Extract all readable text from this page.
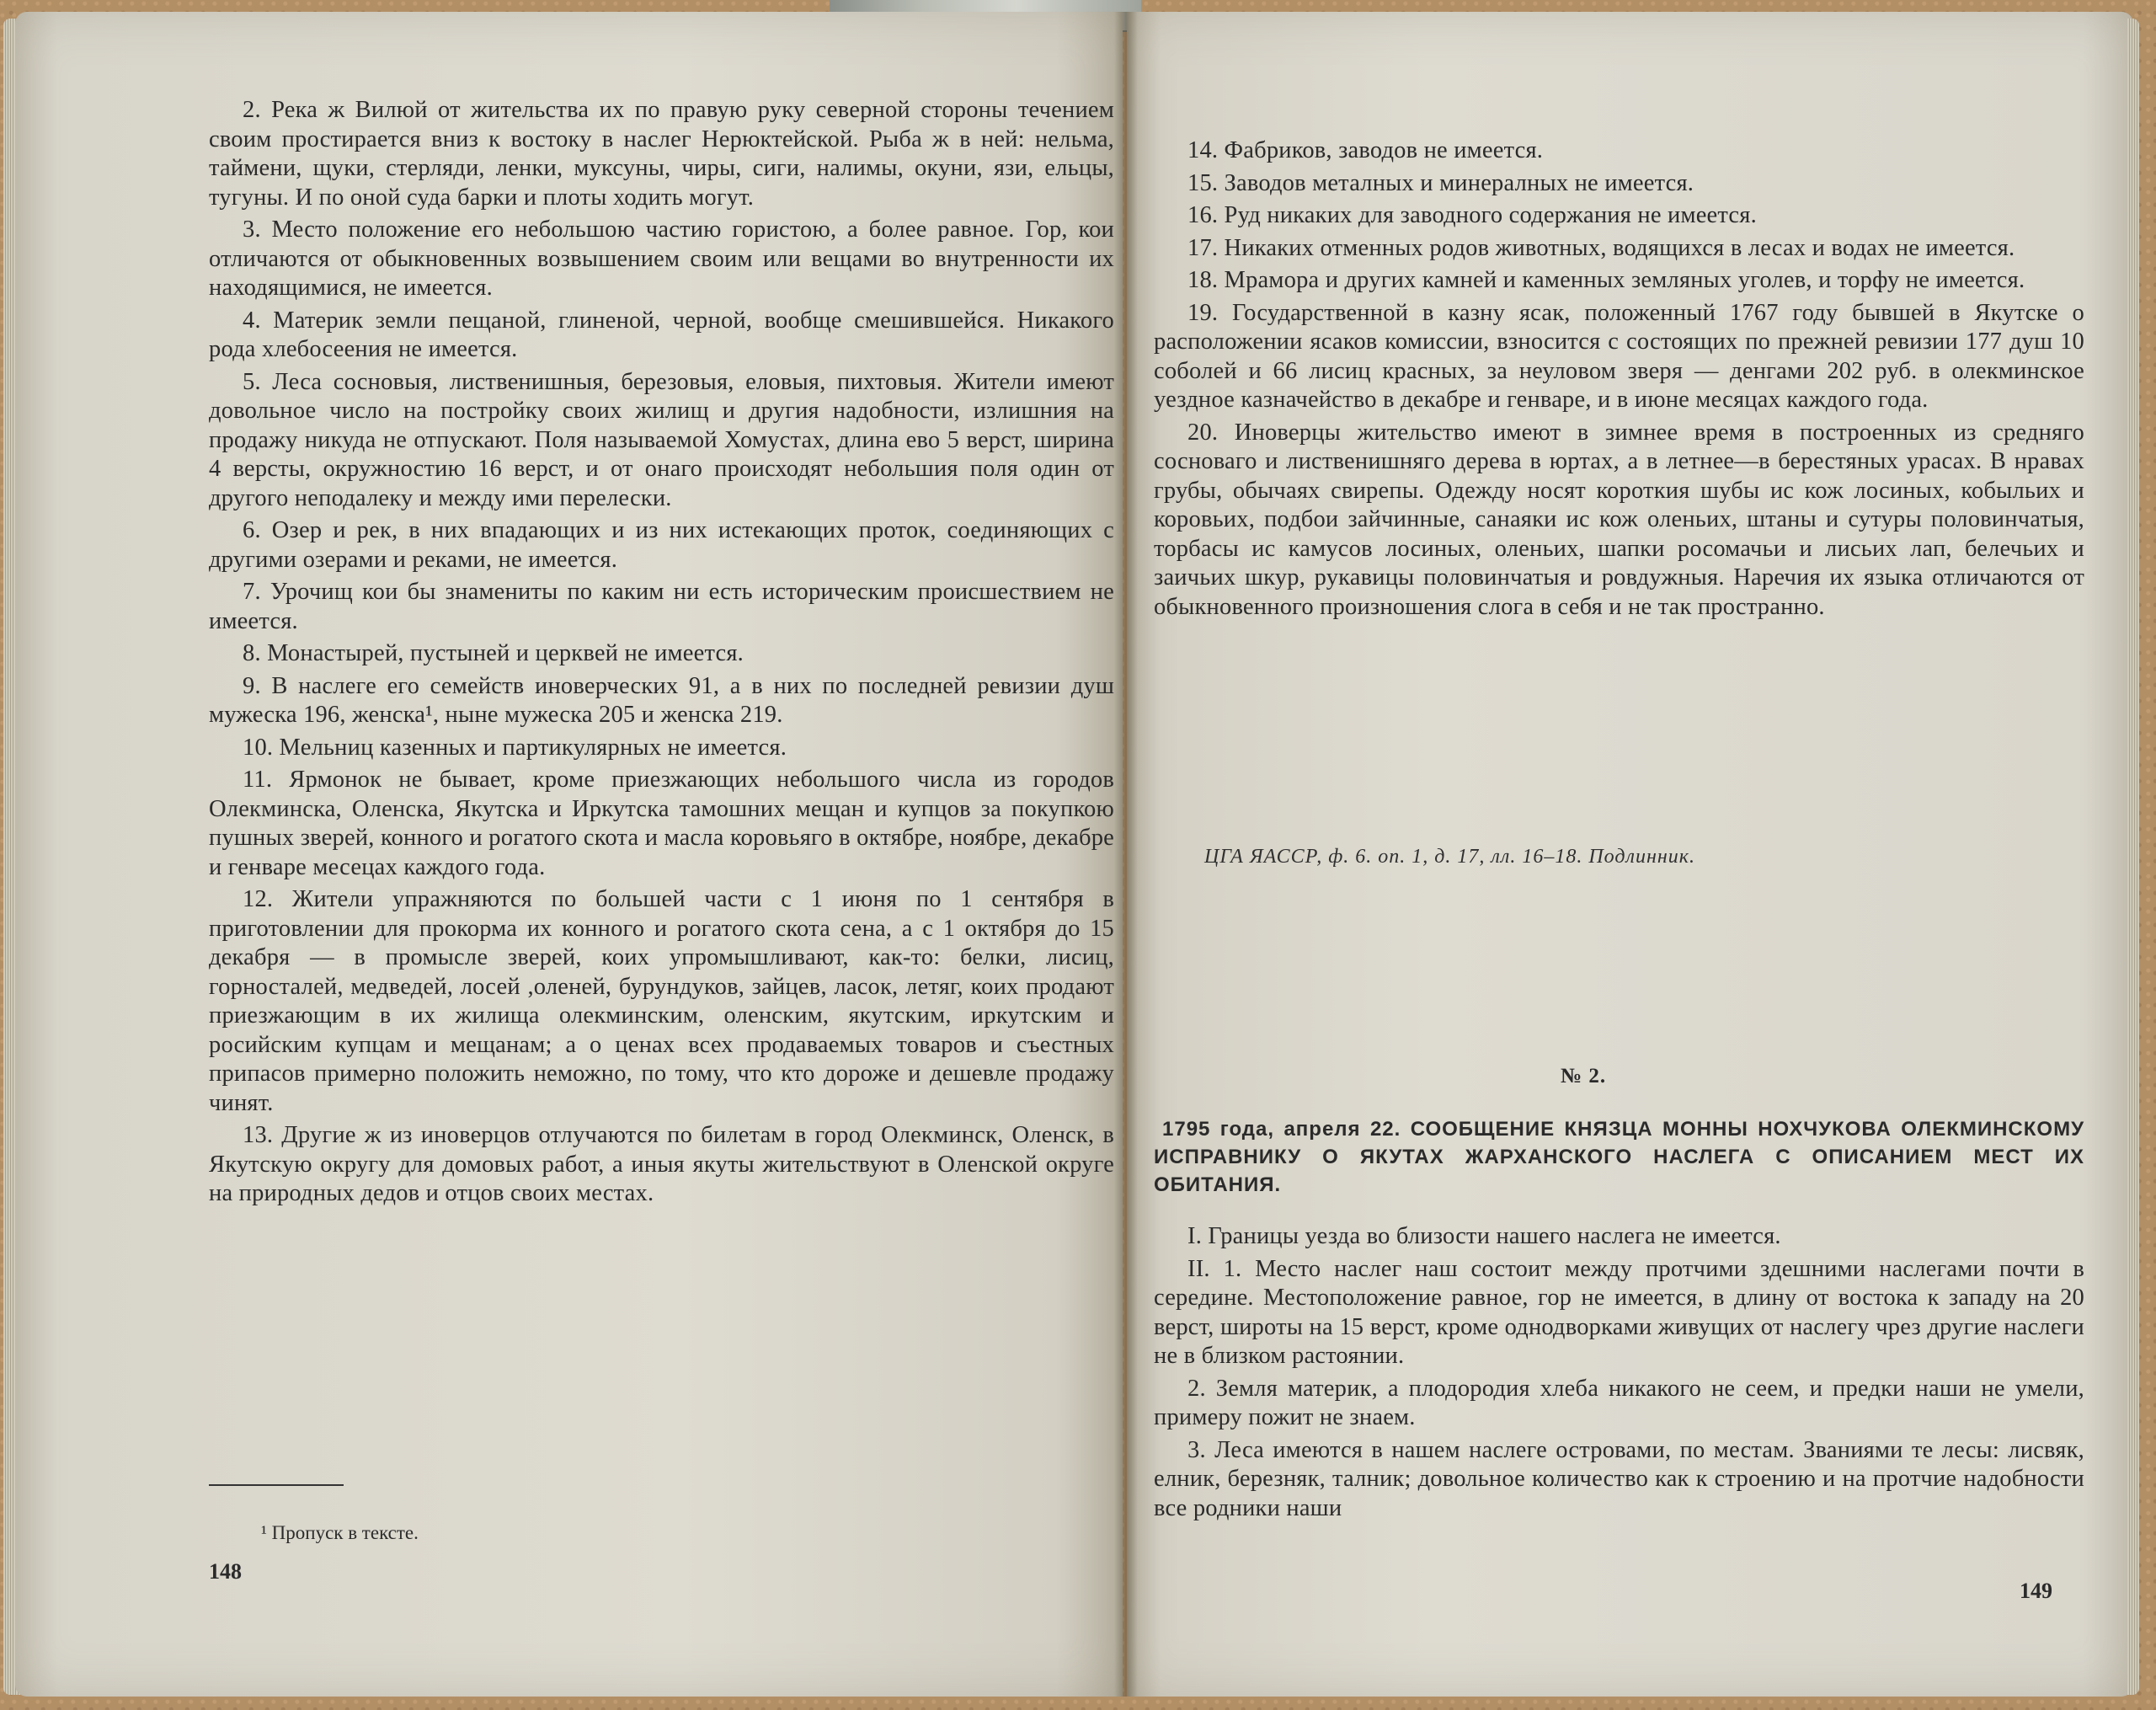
2. Река ж Вилюй от жительства их по правую руку северной стороны течением своим простирается вниз к востоку в наслег Нерюктейской. Рыба ж в ней: нельма, таймени, щуки, стерляди, ленки, муксуны, чиры, сиги, налимы, окуни, язи, ельцы, тугуны. И по оной суда барки и плоты ходить могут.

3. Место положение его небольшою частию гористою, а более равное. Гор, кои отличаются от обыкновенных возвышением своим или вещами во внутренности их находящимися, не имеется.

4. Материк земли пещаной, глиненой, черной, вообще смешившейся. Никакого рода хлебосеения не имеется.

5. Леса сосновыя, лиственишныя, березовыя, еловыя, пихтовыя. Жители имеют довольное число на постройку своих жилищ и другия надобности, излишния на продажу никуда не отпускают. Поля называемой Хомустах, длина ево 5 верст, ширина 4 версты, окружностию 16 верст, и от онаго происходят небольшия поля один от другого неподалеку и между ими перелески.

6. Озер и рек, в них впадающих и из них истекающих проток, соединяющих с другими озерами и реками, не имеется.

7. Урочищ кои бы знамениты по каким ни есть историческим происшествием не имеется.

8. Монастырей, пустыней и церквей не имеется.

9. В наслеге его семейств иноверческих 91, а в них по последней ревизии душ мужеска 196, женска¹, ныне мужеска 205 и женска 219.

10. Мельниц казенных и партикулярных не имеется.

11. Ярмонок не бывает, кроме приезжающих небольшого числа из городов Олекминска, Оленска, Якутска и Иркутска тамошних мещан и купцов за покупкою пушных зверей, конного и рогатого скота и масла коровьяго в октябре, ноябре, декабре и генваре месецах каждого года.

12. Жители упражняются по большей части с 1 июня по 1 сентября в приготовлении для прокорма их конного и рогатого скота сена, а с 1 октября до 15 декабря — в промысле зверей, коих упромышливают, как-то: белки, лисиц, горносталей, медведей, лосей ,оленей, бурундуков, зайцев, ласок, летяг, коих продают приезжающим в их жилища олекминским, оленским, якутским, иркутским и росийским купцам и мещанам; а о ценах всех продаваемых товаров и съестных припасов примерно положить неможно, по тому, что кто дороже и дешевле продажу чинят.

13. Другие ж из иноверцов отлучаются по билетам в город Олекминск, Оленск, в Якутскую округу для домовых работ, а иныя якуты жительствуют в Оленской округе на природных дедов и отцов своих местах.

¹ Пропуск в тексте.
148

14. Фабриков, заводов не имеется.

15. Заводов металных и минералных не имеется.

16. Руд никаких для заводного содержания не имеется.

17. Никаких отменных родов животных, водящихся в лесах и водах не имеется.

18. Мрамора и других камней и каменных земляных уголев, и торфу не имеется.

19. Государственной в казну ясак, положенный 1767 году бывшей в Якутске о расположении ясаков комиссии, взносится с состоящих по прежней ревизии 177 душ 10 соболей и 66 лисиц красных, за неуловом зверя — денгами 202 руб. в олекминское уездное казначейство в декабре и генваре, и в июне месяцах каждого года.

20. Иноверцы жительство имеют в зимнее время в построенных из средняго сосноваго и лиственишняго дерева в юртах, а в летнее—в берестяных урасах. В нравах грубы, обычаях свирепы. Одежду носят короткия шубы ис кож лосиных, кобыльих и коровьих, подбои зайчинные, санаяки ис кож оленьих, штаны и сутуры половинчатыя, торбасы ис камусов лосиных, оленьих, шапки росомачьи и лисьих лап, белечьих и заичьих шкур, рукавицы половинчатыя и ровдужныя. Наречия их языка отличаются от обыкновенного произношения слога в себя и не так пространно.

ЦГА ЯАССР, ф. 6. оп. 1, д. 17, лл. 16–18. Подлинник.
№ 2.
1795 года, апреля 22. СООБЩЕНИЕ КНЯЗЦА МОННЫ НОХЧУКОВА ОЛЕКМИНСКОМУ ИСПРАВНИКУ О ЯКУТАХ ЖАРХАНСКОГО НАСЛЕГА С ОПИСАНИЕМ МЕСТ ИХ ОБИТАНИЯ.

I. Границы уезда во близости нашего наслега не имеется.

II. 1. Место наслег наш состоит между протчими здешними наслегами почти в середине. Местоположение равное, гор не имеется, в длину от востока к западу на 20 верст, широты на 15 верст, кроме однодворками живущих от наслегу чрез другие наслеги не в близком растоянии.

2. Земля материк, а плодородия хлеба никакого не сеем, и предки наши не умели, примеру пожит не знаем.

3. Леса имеются в нашем наслеге островами, по местам. Званиями те лесы: лисвяк, елник, березняк, талник; довольное количество как к строению и на протчие надобности все родники наши

149
